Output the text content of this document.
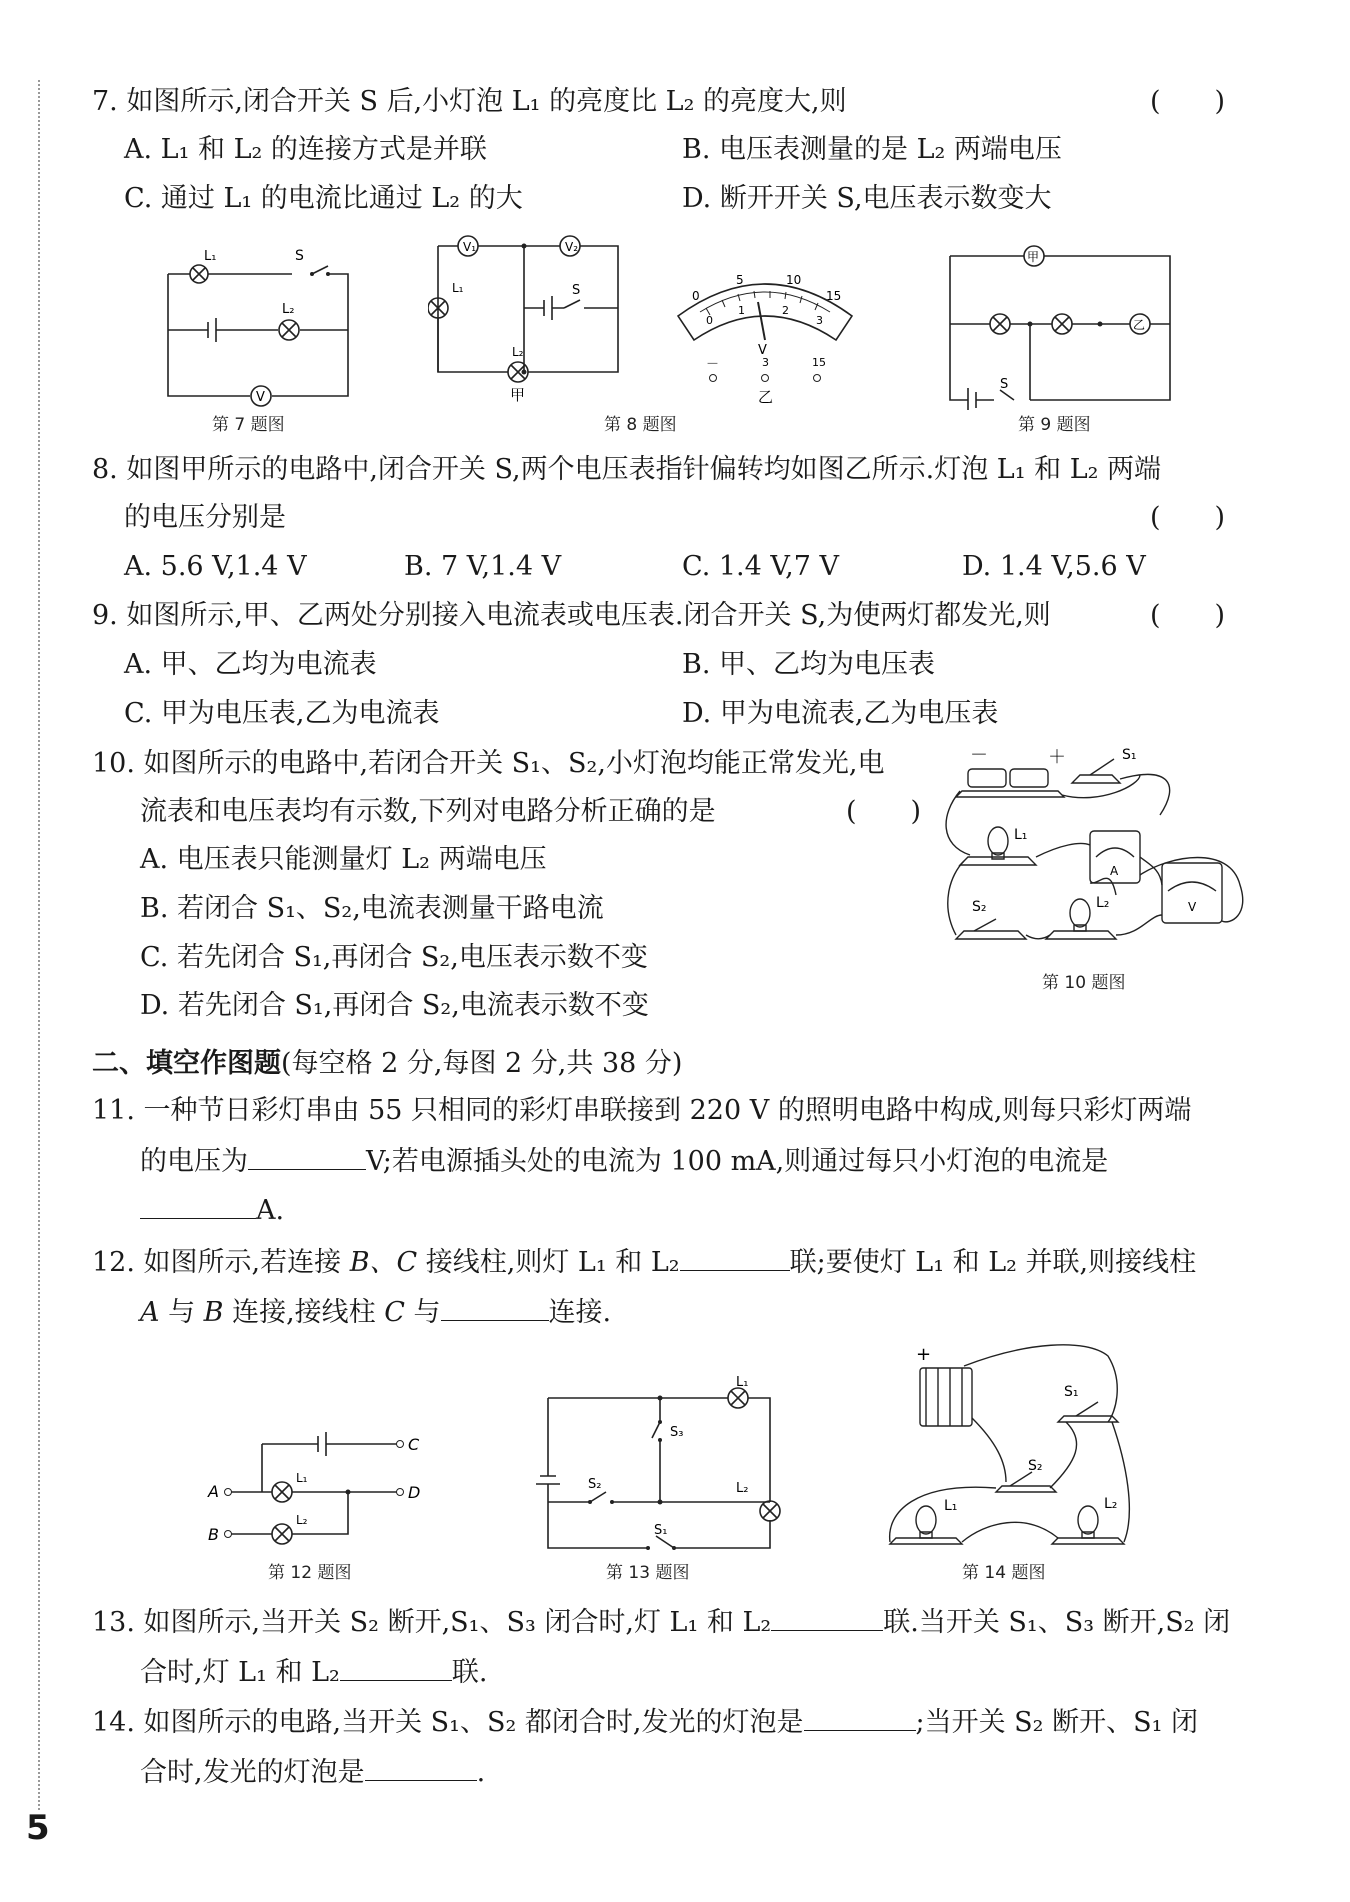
7. 如图所示,闭合开关 S 后,小灯泡 L₁ 的亮度比 L₂ 的亮度大,则	(　　)
A. L₁ 和 L₂ 的连接方式是并联	B. 电压表测量的是 L₂ 两端电压
C. 通过 L₁ 的电流比通过 L₂ 的大	D. 断开开关 S,电压表示数变大
L₁	S
L₂
V
第 7 题图
V₁	V₂
L₁	S
L₂
甲
0
5	10
15
0
1	2
3
V
－	3	15
乙
第 8 题图
甲
乙
S
第 9 题图
8. 如图甲所示的电路中,闭合开关 S,两个电压表指针偏转均如图乙所示.灯泡 L₁ 和 L₂ 两端
的电压分别是	(　　)
A. 5.6 V,1.4 V	B. 7 V,1.4 V	C. 1.4 V,7 V	D. 1.4 V,5.6 V
9. 如图所示,甲、乙两处分别接入电流表或电压表.闭合开关 S,为使两灯都发光,则	(　　)
A. 甲、乙均为电流表	B. 甲、乙均为电压表
C. 甲为电压表,乙为电流表	D. 甲为电流表,乙为电压表
10. 如图所示的电路中,若闭合开关 S₁、S₂,小灯泡均能正常发光,电
流表和电压表均有示数,下列对电路分析正确的是	(　　)
A. 电压表只能测量灯 L₂ 两端电压
B. 若闭合 S₁、S₂,电流表测量干路电流
C. 若先闭合 S₁,再闭合 S₂,电压表示数不变
D. 若先闭合 S₁,再闭合 S₂,电流表示数不变
－	＋	S₁
L₁
A
V
S₂	L₂
第 10 题图
二、填空作图题(每空格 2 分,每图 2 分,共 38 分)
11. 一种节日彩灯串由 55 只相同的彩灯串联接到 220 V 的照明电路中构成,则每只彩灯两端
的电压为	V;若电源插头处的电流为 100 mA,则通过每只小灯泡的电流是
A.
12. 如图所示,若连接 B、C 接线柱,则灯 L₁ 和 L₂	联;要使灯 L₁ 和 L₂ 并联,则接线柱
A 与 B 连接,接线柱 C 与	连接.
A
B
C
D
L₁
L₂
第 12 题图
L₁
S₃
S₂	L₂
S₁
第 13 题图
+
S₁
S₂
L₁	L₂
第 14 题图
13. 如图所示,当开关 S₂ 断开,S₁、S₃ 闭合时,灯 L₁ 和 L₂	联.当开关 S₁、S₃ 断开,S₂ 闭
合时,灯 L₁ 和 L₂	联.
14. 如图所示的电路,当开关 S₁、S₂ 都闭合时,发光的灯泡是	;当开关 S₂ 断开、S₁ 闭
合时,发光的灯泡是	.
5
